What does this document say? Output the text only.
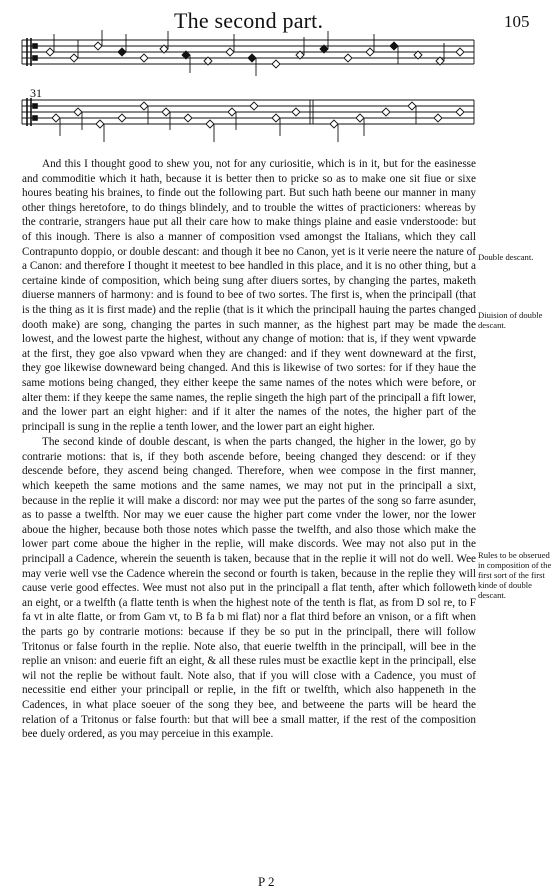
The second part.	105
31

And this I thought good to shew you, not for any curiositie, which is in it, but for the easinesse and commoditie which it hath, because it is better then to pricke so as to make one sit fiue or sixe houres beating his braines, to finde out the following part. But such hath beene our manner in many other things heretofore, to do things blindely, and to trouble the wittes of practicioners: whereas by the contrarie, strangers haue put all their care how to make things plaine and easie vnderstoode: but of this inough. There is also a manner of composition vsed amongst the Italians, which they call Contrapunto doppio, or double descant: and though it bee no Canon, yet is it verie neere the nature of a Canon: and therefore I thought it meetest to bee handled in this place, and it is no other thing, but a certaine kinde of composition, which being sung after diuers sortes, by changing the partes, maketh diuerse manners of harmony: and is found to bee of two sortes. The first is, when the principall (that is the thing as it is first made) and the replie (that is it which the principall hauing the partes changed dooth make) are song, changing the partes in such manner, as the highest part may be made the lowest, and the lowest parte the highest, without any change of motion: that is, if they went vpwarde at the first, they goe also vpward when they are changed: and if they went downeward at the first, they goe likewise downeward being changed. And this is likewise of two sortes: for if they haue the same motions being changed, they either keepe the same names of the notes which were before, or alter them: if they keepe the same names, the replie singeth the high part of the principall a fift lower, and the lower part an eight higher: and if it alter the names of the notes, the higher part of the principall is sung in the replie a tenth lower, and the lower part an eight higher.

The second kinde of double descant, is when the parts changed, the higher in the lower, go by contrarie motions: that is, if they both ascende before, beeing changed they descend: or if they descende before, they ascend being changed. Therefore, when wee compose in the first manner, which keepeth the same motions and the same names, we may not put in the principall a sixt, because in the replie it will make a discord: nor may wee put the partes of the song so farre asunder, as to passe a twelfth. Nor may we euer cause the higher part come vnder the lower, nor the lower aboue the higher, because both those notes which passe the twelfth, and also those which make the lower part come aboue the higher in the replie, will make discords. Wee may not also put in the principall a Cadence, wherein the seuenth is taken, because that in the replie it will not do well. Wee may verie well vse the Cadence wherein the second or fourth is taken, because in the replie they will cause verie good effectes. Wee must not also put in the principall a flat tenth, after which followeth an eight, or a twelfth (a flatte tenth is when the highest note of the tenth is flat, as from D sol re, to F fa vt in alte flatte, or from Gam vt, to B fa b mi flat) nor a flat third before an vnison, or a fift when the parts go by contrarie motions: because if they be so put in the principall, there will follow Tritonus or false fourth in the replie. Note also, that euerie twelfth in the principall, will bee in the replie an vnison: and euerie fift an eight, & all these rules must be exactlie kept in the principall, else wil not the replie be without fault. Note also, that if you will close with a Cadence, you must of necessitie end either your principall or replie, in the fift or twelfth, which also happeneth in the Cadences, in what place soeuer of the song they bee, and betweene the parts will be heard the relation of a Tritonus or false fourth: but that will bee a small matter, if the rest of the composition bee duely ordered, as you may perceiue in this example.

Double descant.
Diuision of double descant.
Rules to be obserued in composition of the first sort of the first kinde of double descant.
P 2
